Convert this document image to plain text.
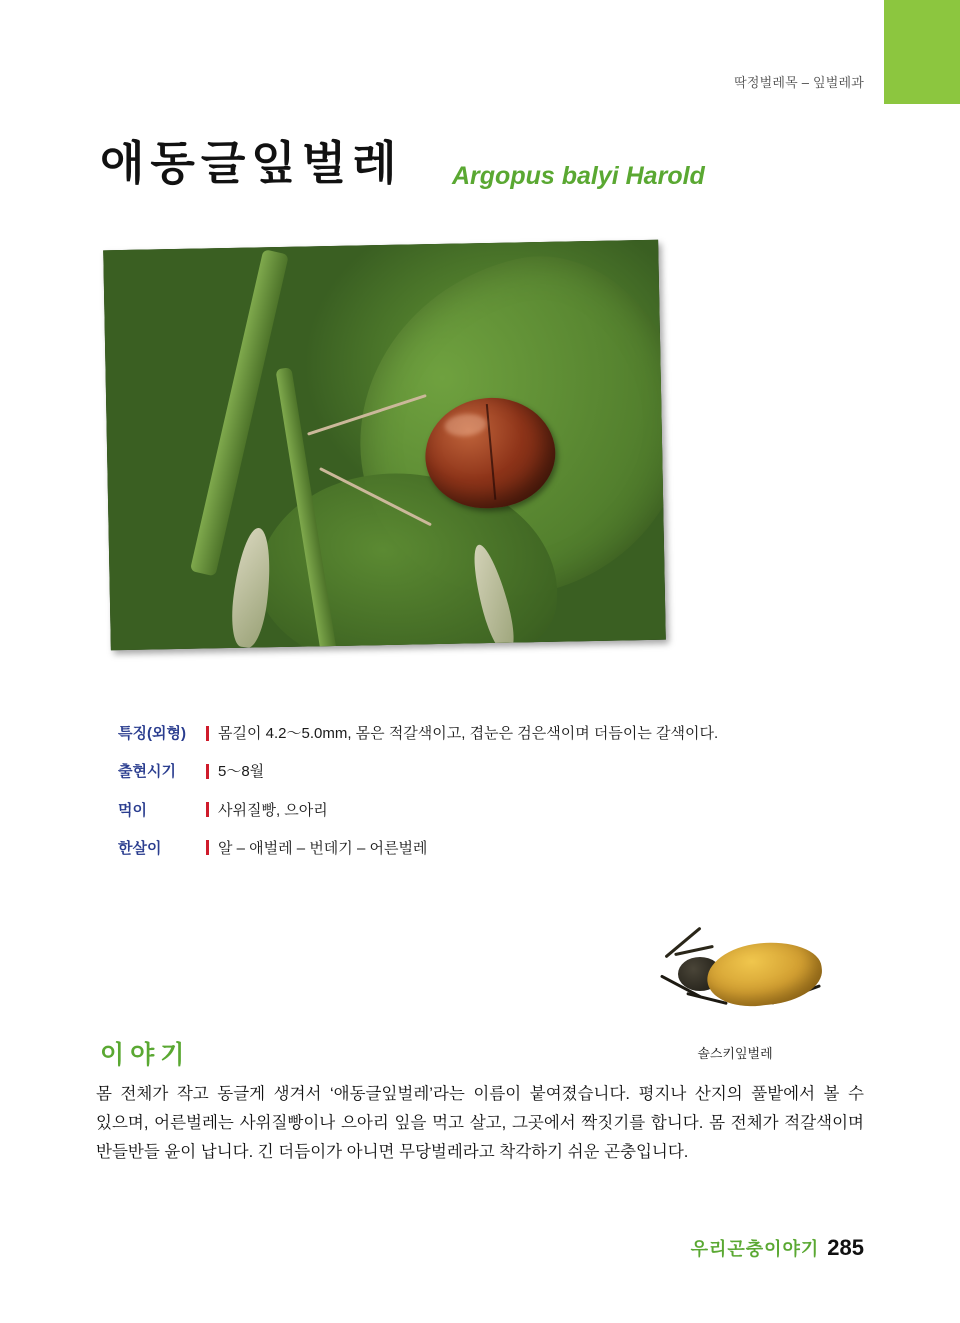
딱정벌레목 – 잎벌레과
애동글잎벌레 Argopus balyi Harold
특징(외형)	몸길이 4.2〜5.0mm, 몸은 적갈색이고, 겹눈은 검은색이며 더듬이는 갈색이다.
출현시기	5〜8월
먹이	사위질빵, 으아리
한살이	알 – 애벌레 – 번데기 – 어른벌레
솔스키잎벌레
이야기
몸 전체가 작고 동글게 생겨서 ‘애동글잎벌레’라는 이름이 붙여졌습니다. 평지나 산지의 풀밭에서 볼 수 있으며, 어른벌레는 사위질빵이나 으아리 잎을 먹고 살고, 그곳에서 짝짓기를 합니다. 몸 전체가 적갈색이며 반들반들 윤이 납니다. 긴 더듬이가 아니면 무당벌레라고 착각하기 쉬운 곤충입니다.
우리곤충이야기 285
